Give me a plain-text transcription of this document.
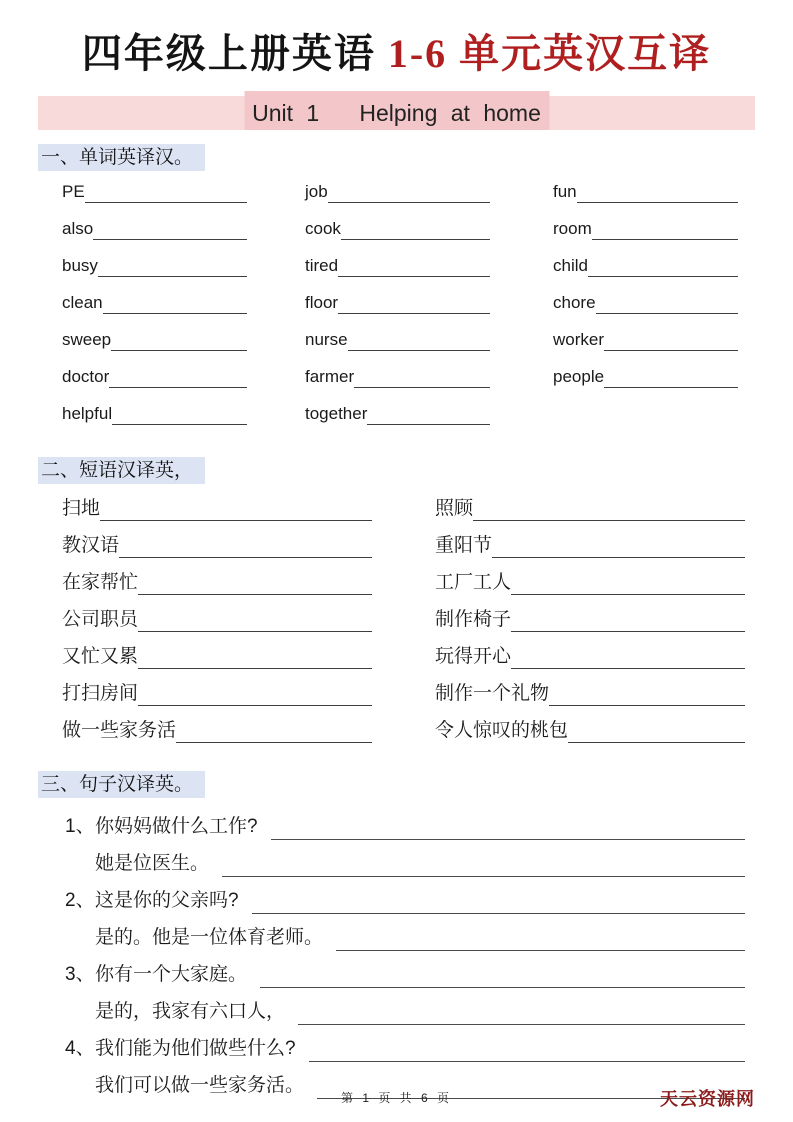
四年级上册英语 1-6 单元英汉互译
Unit 1   Helping at home
一、单词英译汉。
PE	job	fun
also	cook	room
busy	tired	child
clean	floor	chore
sweep	nurse	worker
doctor	farmer	people
helpful	together
二、短语汉译英，
扫地	照顾
教汉语	重阳节
在家帮忙	工厂工人
公司职员	制作椅子
又忙又累	玩得开心
打扫房间	制作一个礼物
做一些家务活	令人惊叹的桃包
三、句子汉译英。
1、 你妈妈做什么工作?
她是位医生。
2、 这是你的父亲吗?
是的。他是一位体育老师。
3、 你有一个大家庭。
是的，我家有六口人，
4、 我们能为他们做些什么?
我们可以做一些家务活。
第 1 页 共 6 页	天云资源网
